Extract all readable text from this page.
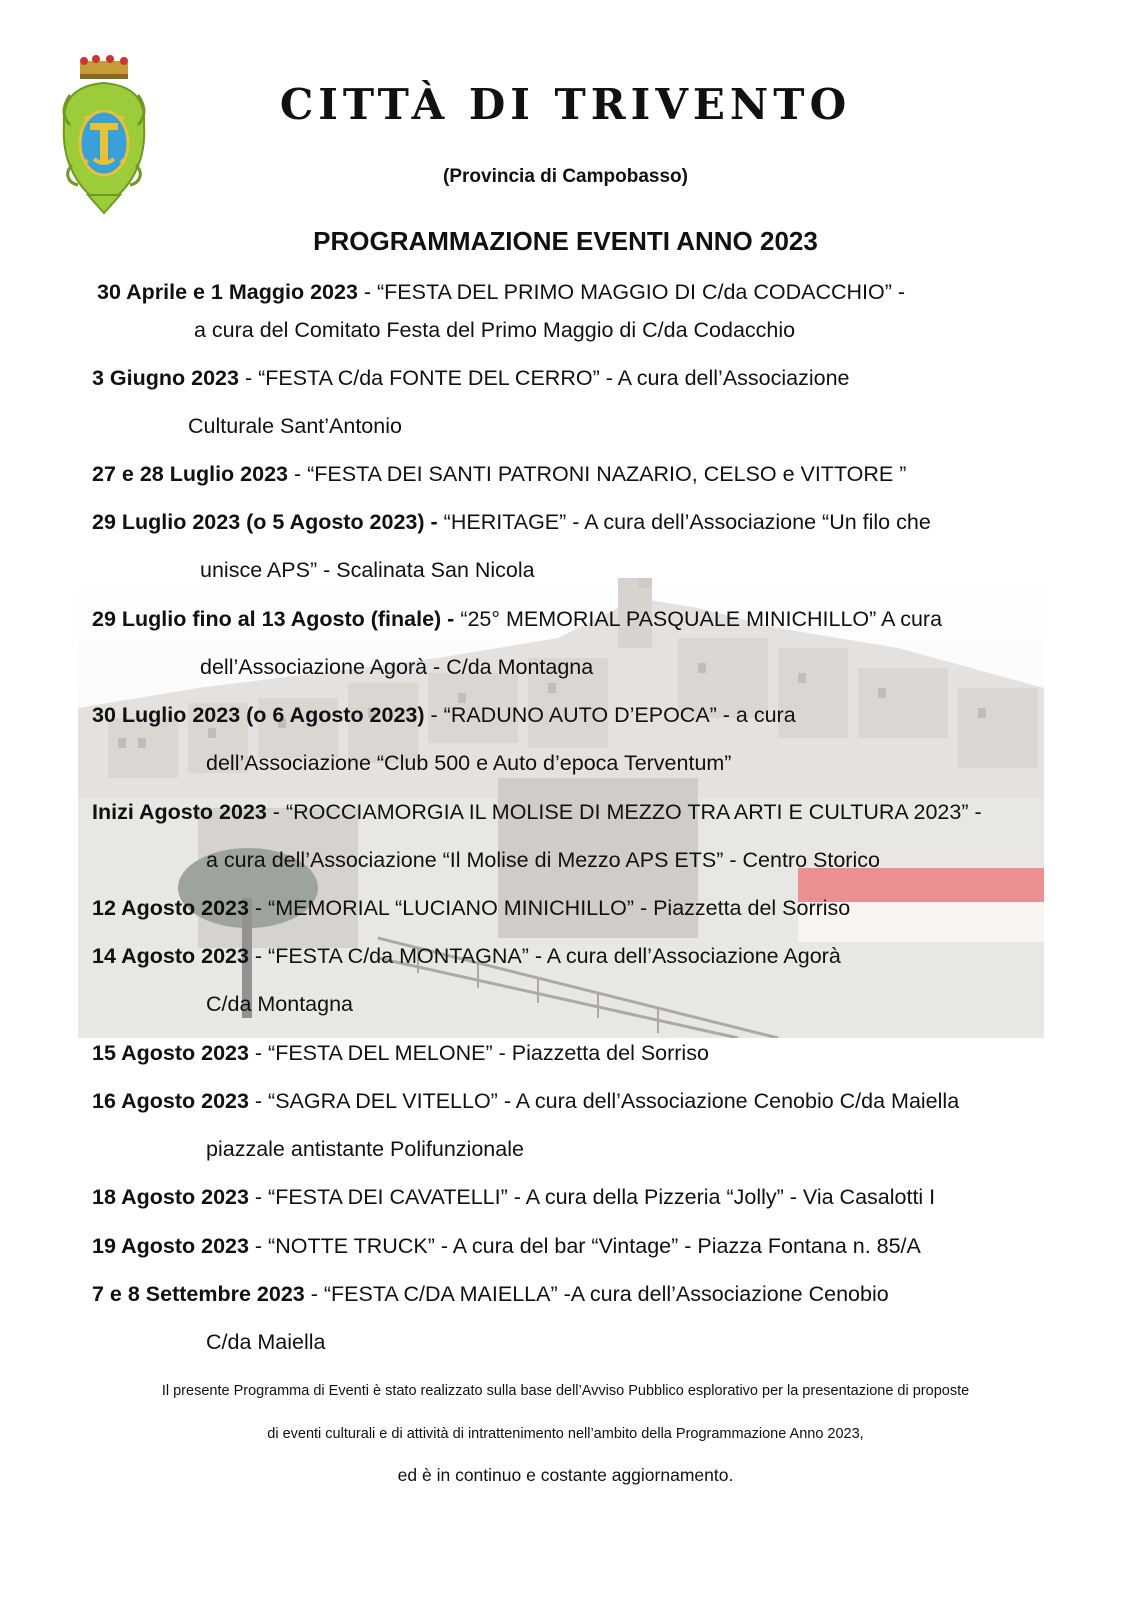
✦	✦
✦	✦
CITTÀ DI TRIVENTO
(Provincia di Campobasso)
PROGRAMMAZIONE EVENTI ANNO 2023
30 Aprile e 1 Maggio 2023 - “FESTA DEL PRIMO MAGGIO DI C/da CODACCHIO” -
a cura del Comitato Festa del Primo Maggio di C/da Codacchio
3 Giugno 2023 - “FESTA C/da FONTE DEL CERRO” - A cura dell’Associazione
Culturale Sant’Antonio
27 e 28 Luglio 2023 - “FESTA DEI SANTI PATRONI NAZARIO, CELSO e VITTORE ”
29 Luglio 2023 (o 5 Agosto 2023) - “HERITAGE” - A cura dell’Associazione “Un filo che
unisce APS” - Scalinata San Nicola
29 Luglio fino al 13 Agosto (finale) - “25° MEMORIAL PASQUALE MINICHILLO” A cura
dell’Associazione Agorà - C/da Montagna
30 Luglio 2023 (o 6 Agosto 2023) - “RADUNO AUTO D’EPOCA” - a cura
dell’Associazione “Club 500 e Auto d’epoca Terventum”
Inizi Agosto 2023 - “ROCCIAMORGIA IL MOLISE DI MEZZO TRA ARTI E CULTURA 2023” -
a cura dell’Associazione “Il Molise di Mezzo APS ETS” - Centro Storico
12 Agosto 2023 - “MEMORIAL “LUCIANO MINICHILLO” - Piazzetta del Sorriso
14 Agosto 2023 - “FESTA C/da MONTAGNA” - A cura dell’Associazione Agorà
C/da Montagna
15 Agosto 2023 - “FESTA DEL MELONE” - Piazzetta del Sorriso
16 Agosto 2023 - “SAGRA DEL VITELLO” - A cura dell’Associazione Cenobio C/da Maiella
piazzale antistante Polifunzionale
18 Agosto 2023 - “FESTA DEI CAVATELLI” - A cura della Pizzeria “Jolly” - Via Casalotti I
19 Agosto 2023 - “NOTTE TRUCK” - A cura del bar “Vintage” - Piazza Fontana n. 85/A
7 e 8 Settembre 2023 - “FESTA C/DA MAIELLA” -A cura dell’Associazione Cenobio
C/da Maiella
Il presente Programma di Eventi è stato realizzato sulla base dell’Avviso Pubblico esplorativo per la presentazione di proposte
di eventi culturali e di attività di intrattenimento nell’ambito della Programmazione Anno 2023,
ed è in continuo e costante aggiornamento.
